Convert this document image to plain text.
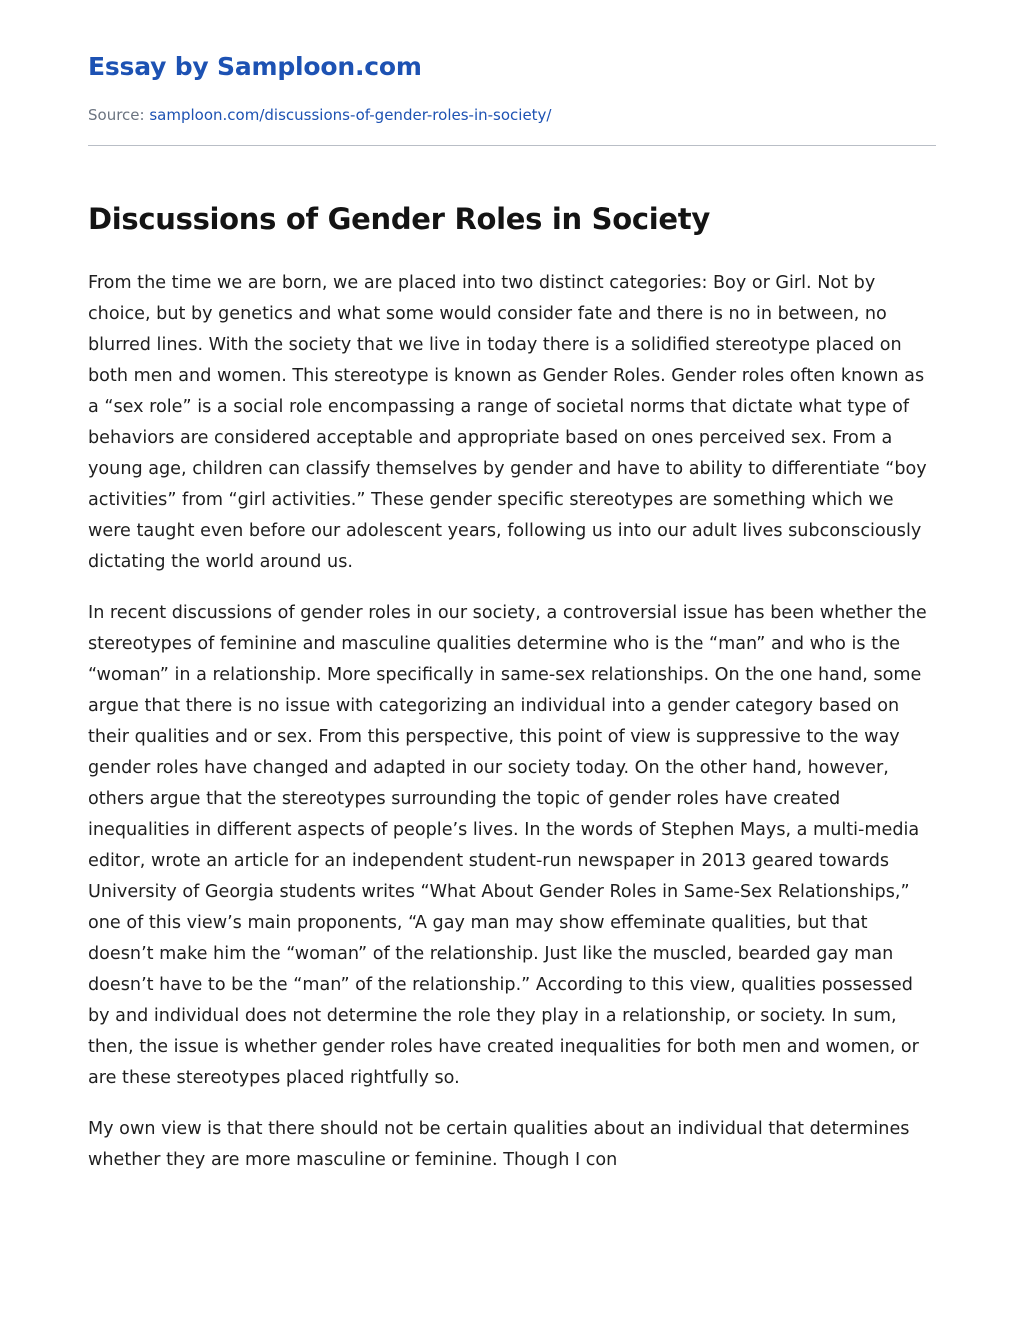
Essay by Samploon.com
Source: samploon.com/discussions-of-gender-roles-in-society/
Discussions of Gender Roles in Society

From the time we are born, we are placed into two distinct categories: Boy or Girl. Not by choice, but by genetics and what some would consider fate and there is no in between, no blurred lines. With the society that we live in today there is a solidified stereotype placed on both men and women. This stereotype is known as Gender Roles. Gender roles often known as a “sex role” is a social role encompassing a range of societal norms that dictate what type of behaviors are considered acceptable and appropriate based on ones perceived sex. From a young age, children can classify themselves by gender and have to ability to differentiate “boy activities” from “girl activities.” These gender specific stereotypes are something which we were taught even before our adolescent years, following us into our adult lives subconsciously dictating the world around us.

In recent discussions of gender roles in our society, a controversial issue has been whether the stereotypes of feminine and masculine qualities determine who is the “man” and who is the “woman” in a relationship. More specifically in same-sex relationships. On the one hand, some argue that there is no issue with categorizing an individual into a gender category based on their qualities and or sex. From this perspective, this point of view is suppressive to the way gender roles have changed and adapted in our society today. On the other hand, however, others argue that the stereotypes surrounding the topic of gender roles have created inequalities in different aspects of people’s lives. In the words of Stephen Mays, a multi-media editor, wrote an article for an independent student-run newspaper in 2013 geared towards University of Georgia students writes “What About Gender Roles in Same-Sex Relationships,” one of this view’s main proponents, “A gay man may show effeminate qualities, but that doesn’t make him the “woman” of the relationship. Just like the muscled, bearded gay man doesn’t have to be the “man” of the relationship.” According to this view, qualities possessed by and individual does not determine the role they play in a relationship, or society. In sum, then, the issue is whether gender roles have created inequalities for both men and women, or are these stereotypes placed rightfully so.

My own view is that there should not be certain qualities about an individual that determines whether they are more masculine or feminine. Though I con
